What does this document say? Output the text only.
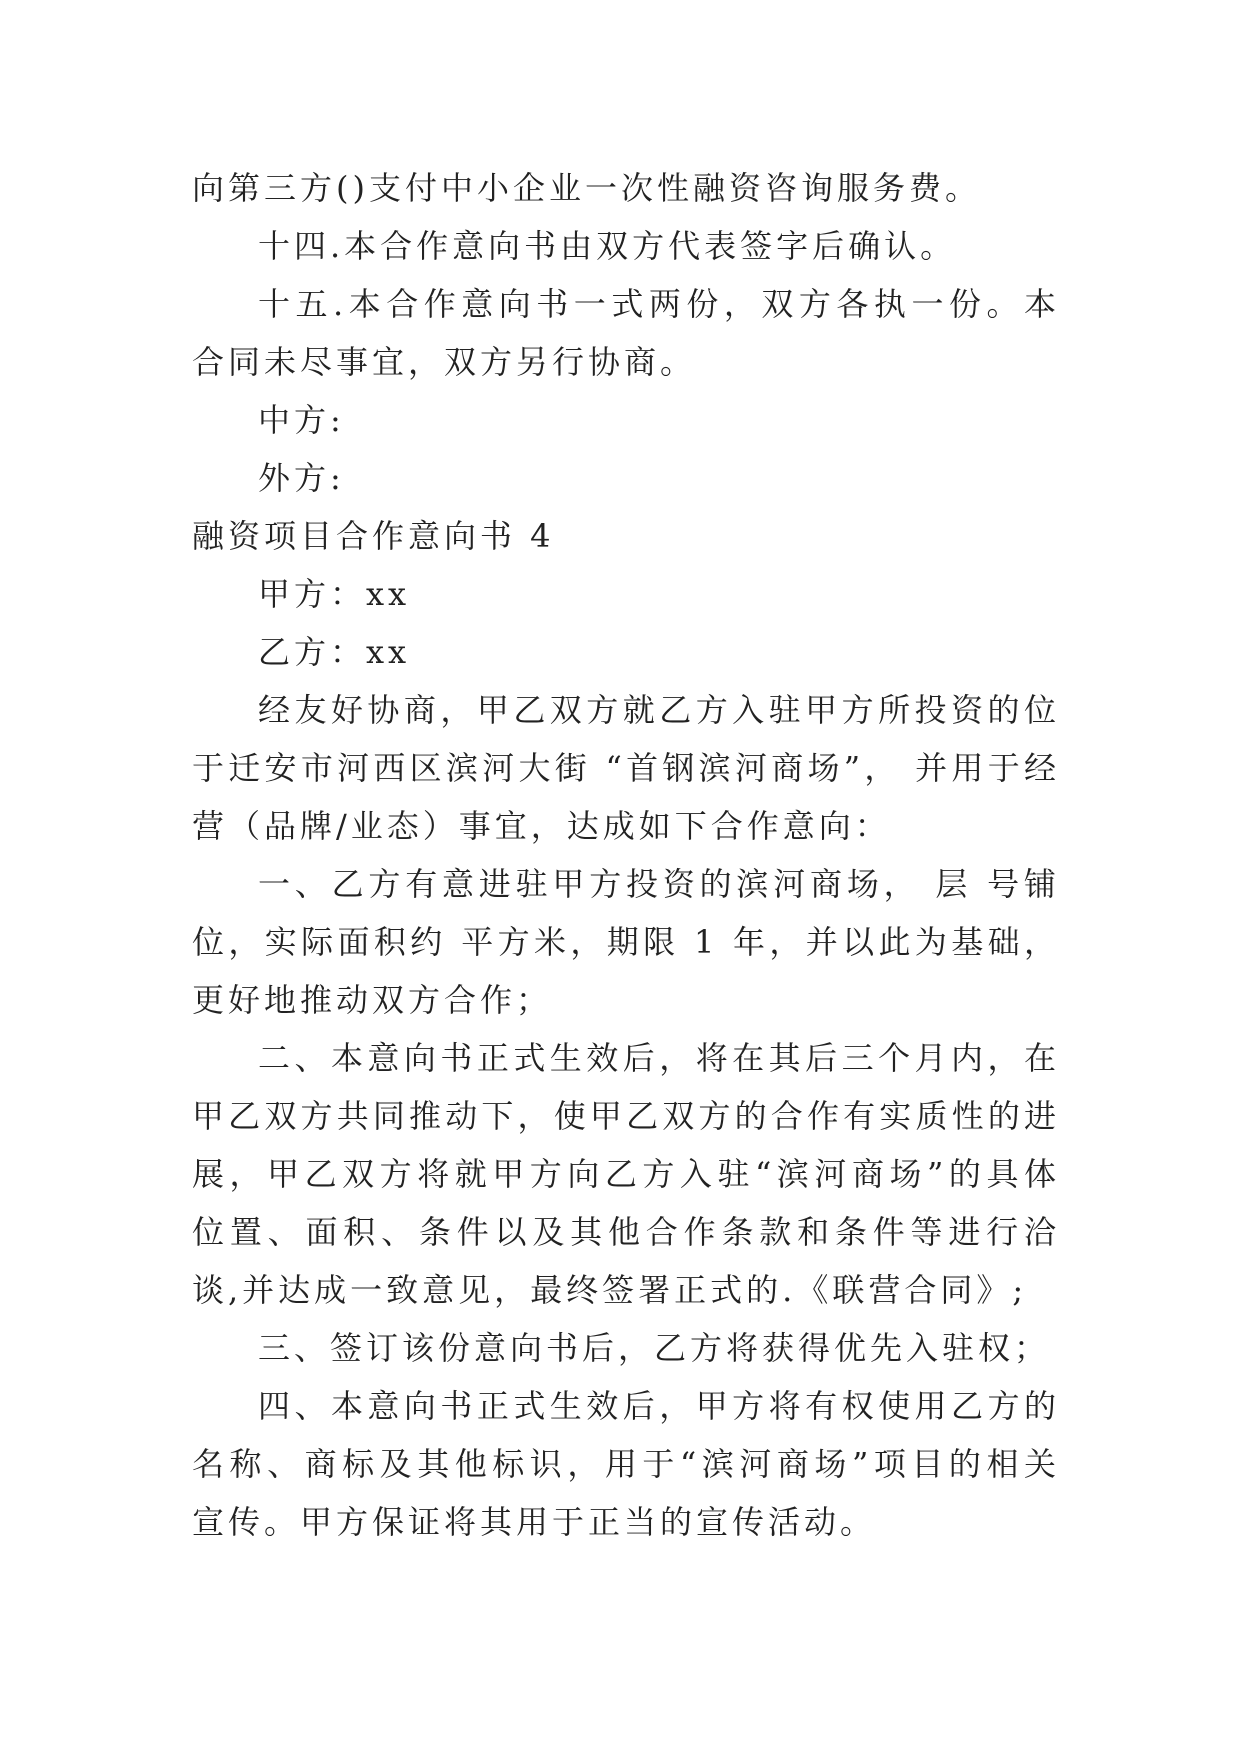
向第三方()支付中小企业一次性融资咨询服务费。

十四.本合作意向书由双方代表签字后确认。

十五.本合作意向书一式两份，双方各执一份。本合同未尽事宜，双方另行协商。

中方:

外方:

融资项目合作意向书 4

甲方：xx

乙方：xx

经友好协商，甲乙双方就乙方入驻甲方所投资的位于迁安市河西区滨河大街 “首钢滨河商场”， 并用于经营（品牌/业态）事宜，达成如下合作意向：

一、乙方有意进驻甲方投资的滨河商场， 层 号铺位，实际面积约 平方米，期限 1 年，并以此为基础，更好地推动双方合作；

二、本意向书正式生效后，将在其后三个月内，在甲乙双方共同推动下，使甲乙双方的合作有实质性的进展，甲乙双方将就甲方向乙方入驻“滨河商场”的具体位置、面积、条件以及其他合作条款和条件等进行洽谈,并达成一致意见，最终签署正式的.《联营合同》;

三、签订该份意向书后，乙方将获得优先入驻权；

四、本意向书正式生效后，甲方将有权使用乙方的名称、商标及其他标识，用于“滨河商场”项目的相关宣传。甲方保证将其用于正当的宣传活动。
